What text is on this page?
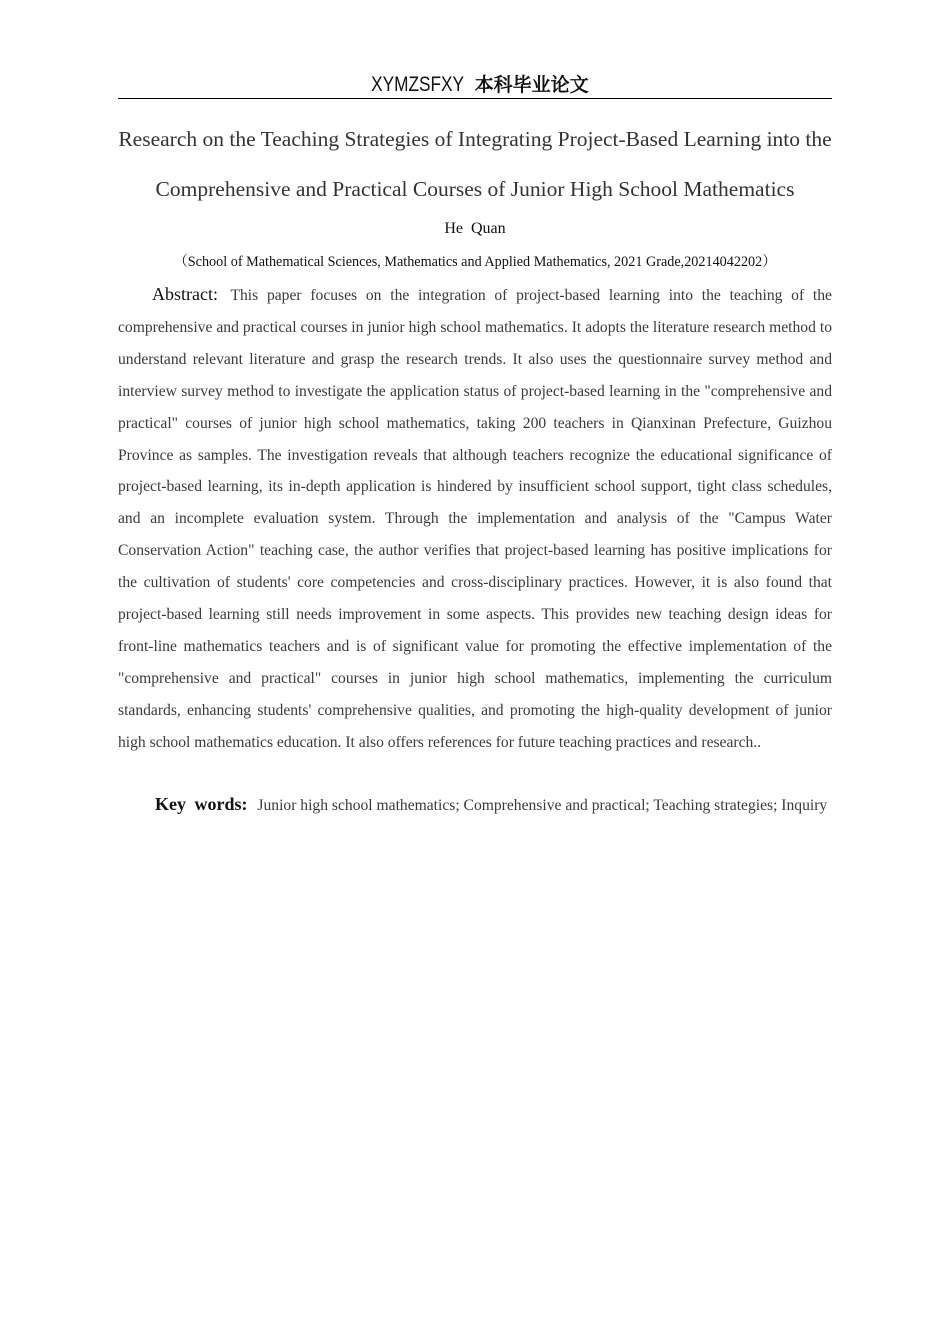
XYMZSFXY 本科毕业论文
Research on the Teaching Strategies of Integrating Project-Based Learning into the Comprehensive and Practical Courses of Junior High School Mathematics
He Quan
（School of Mathematical Sciences, Mathematics and Applied Mathematics, 2021 Grade,20214042202）

Abstract: This paper focuses on the integration of project-based learning into the teaching of the comprehensive and practical courses in junior high school mathematics. It adopts the literature research method to understand relevant literature and grasp the research trends. It also uses the questionnaire survey method and interview survey method to investigate the application status of project-based learning in the "comprehensive and practical" courses of junior high school mathematics, taking 200 teachers in Qianxinan Prefecture, Guizhou Province as samples. The investigation reveals that although teachers recognize the educational significance of project-based learning, its in-depth application is hindered by insufficient school support, tight class schedules, and an incomplete evaluation system. Through the implementation and analysis of the "Campus Water Conservation Action" teaching case, the author verifies that project-based learning has positive implications for the cultivation of students' core competencies and cross-disciplinary practices. However, it is also found that project-based learning still needs improvement in some aspects. This provides new teaching design ideas for front-line mathematics teachers and is of significant value for promoting the effective implementation of the "comprehensive and practical" courses in junior high school mathematics, implementing the curriculum standards, enhancing students' comprehensive qualities, and promoting the high-quality development of junior high school mathematics education. It also offers references for future teaching practices and research..

Key words: Junior high school mathematics; Comprehensive and practical; Teaching strategies; Inquiry
